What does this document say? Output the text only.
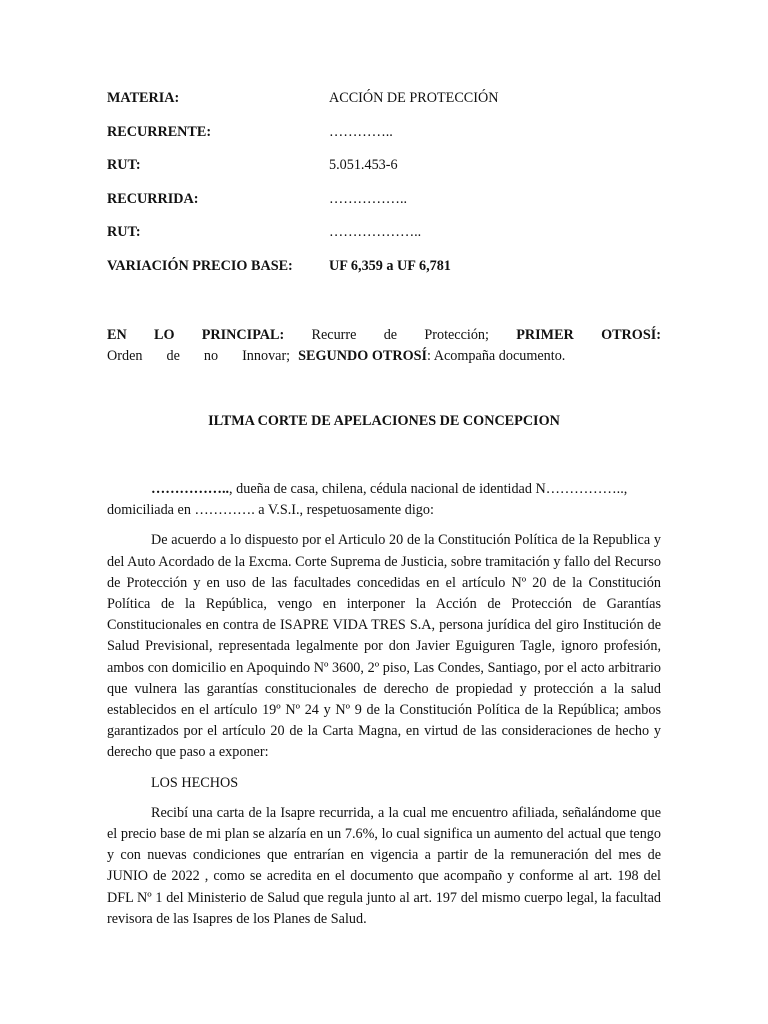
MATERIA:	ACCIÓN DE PROTECCIÓN
RECURRENTE:	…………..
RUT:	5.051.453-6
RECURRIDA:	……………..
RUT:	………………..
VARIACIÓN PRECIO BASE:	UF 6,359 a UF 6,781
EN LO PRINCIPAL: Recurre de Protección; PRIMER OTROSÍ:
Orden de no Innovar; SEGUNDO OTROSÍ : Acompaña documento.
ILTMA CORTE DE APELACIONES DE CONCEPCION

…………….., dueña de casa, chilena, cédula nacional de identidad N……………..,
domiciliada en …………. a V.S.I., respetuosamente digo:

De acuerdo a lo dispuesto por el Articulo 20 de la Constitución Política de la Republica y del Auto Acordado de la Excma. Corte Suprema de Justicia, sobre tramitación y fallo del Recurso de Protección y en uso de las facultades concedidas en el artículo Nº 20 de la Constitución Política de la República, vengo en interponer la Acción de Protección de Garantías Constitucionales en contra de ISAPRE VIDA TRES S.A, persona jurídica del giro Institución de Salud Previsional, representada legalmente por don Javier Eguiguren Tagle, ignoro profesión, ambos con domicilio en Apoquindo Nº 3600, 2º piso, Las Condes, Santiago, por el acto arbitrario que vulnera las garantías constitucionales de derecho de propiedad y protección a la salud establecidos en el artículo 19º Nº 24 y Nº 9 de la Constitución Política de la República; ambos garantizados por el artículo 20 de la Carta Magna, en virtud de las consideraciones de hecho y derecho que paso a exponer:

LOS HECHOS

Recibí una carta de la Isapre recurrida, a la cual me encuentro afiliada, señalándome que el precio base de mi plan se alzaría en un 7.6%, lo cual significa un aumento del actual que tengo y con nuevas condiciones que entrarían en vigencia a partir de la remuneración del mes de JUNIO de 2022 , como se acredita en el documento que acompaño y conforme al art. 198 del DFL Nº 1 del Ministerio de Salud que regula junto al art. 197 del mismo cuerpo legal, la facultad revisora de las Isapres de los Planes de Salud.
